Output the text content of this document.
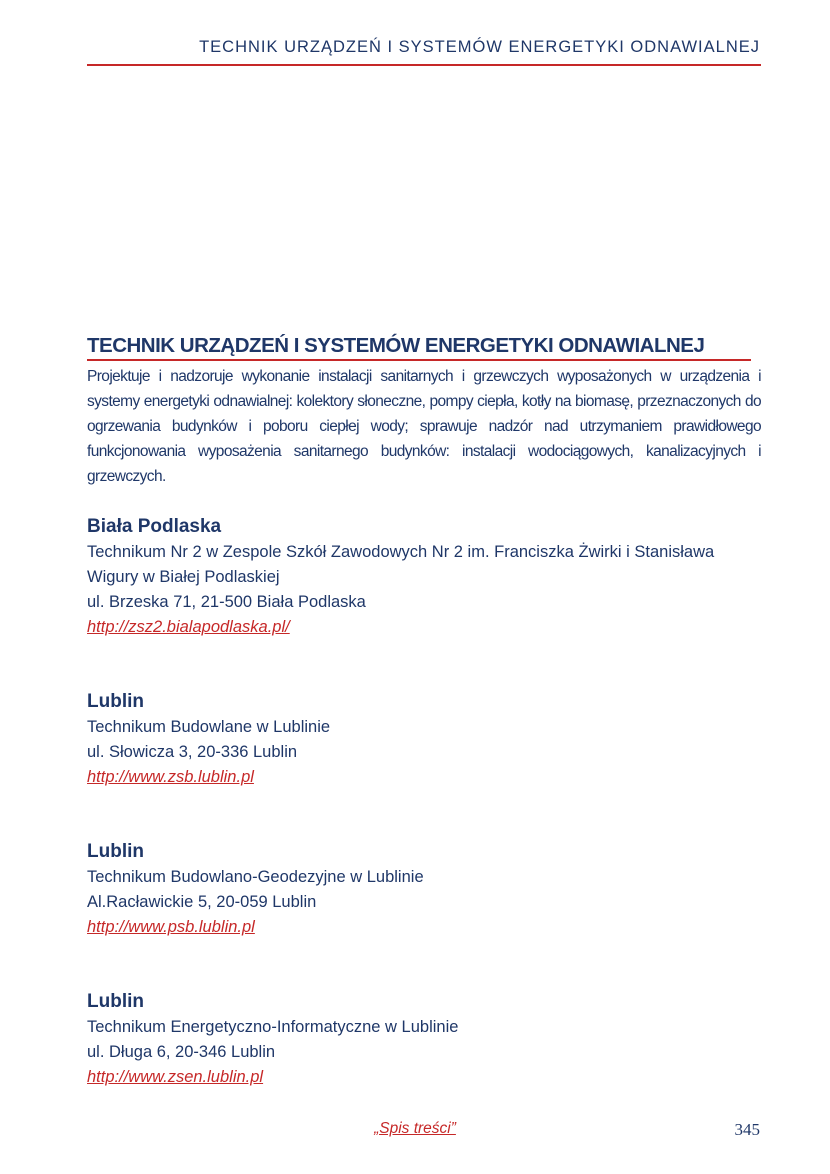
TECHNIK URZĄDZEŃ I SYSTEMÓW ENERGETYKI ODNAWIALNEJ
TECHNIK URZĄDZEŃ I SYSTEMÓW ENERGETYKI ODNAWIALNEJ
Projektuje i nadzoruje wykonanie instalacji sanitarnych i grzewczych wyposażonych w urządzenia i systemy energetyki odnawialnej: kolektory słoneczne, pompy ciepła, kotły na biomasę, przeznaczonych do ogrzewania budynków i poboru ciepłej wody; sprawuje nadzór nad utrzymaniem prawidłowego funkcjonowania wyposażenia sanitarnego budynków: instalacji wodociągowych, kanalizacyjnych i grzewczych.
Biała Podlaska
Technikum Nr 2 w Zespole Szkół Zawodowych Nr 2 im. Franciszka Żwirki i Stanisława Wigury w Białej Podlaskiej
ul. Brzeska 71, 21-500 Biała Podlaska
http://zsz2.bialapodlaska.pl/
Lublin
Technikum Budowlane w Lublinie
ul. Słowicza 3, 20-336 Lublin
http://www.zsb.lublin.pl
Lublin
Technikum Budowlano-Geodezyjne w Lublinie
Al.Racławickie 5, 20-059 Lublin
http://www.psb.lublin.pl
Lublin
Technikum Energetyczno-Informatyczne w Lublinie
ul. Długa 6, 20-346 Lublin
http://www.zsen.lublin.pl
„Spis treści”	345
